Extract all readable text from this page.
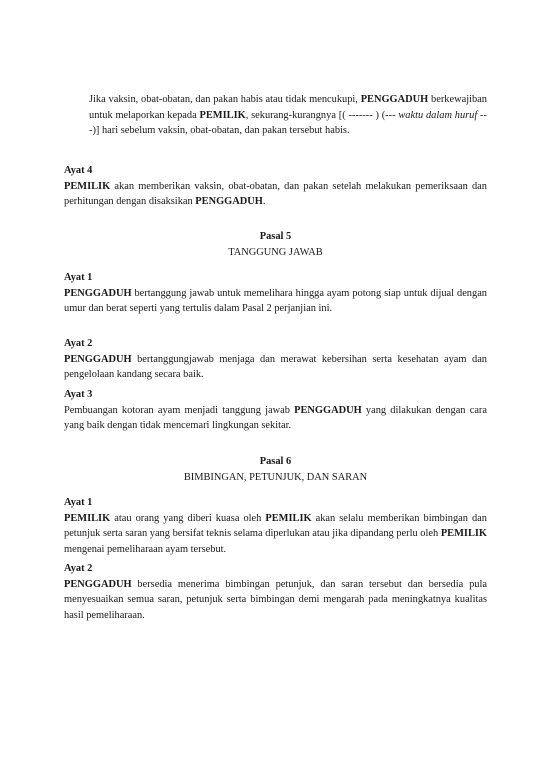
Jika vaksin, obat-obatan, dan pakan habis atau tidak mencukupi, PENGGADUH berkewajiban untuk melaporkan kepada PEMILIK, sekurang-kurangnya [( ------- ) (--- waktu dalam huruf ---)] hari sebelum vaksin, obat-obatan, dan pakan tersebut habis.

Ayat 4

PEMILIK akan memberikan vaksin, obat-obatan, dan pakan setelah melakukan pemeriksaan dan perhitungan dengan disaksikan PENGGADUH.

Pasal 5
TANGGUNG JAWAB

Ayat 1

PENGGADUH bertanggung jawab untuk memelihara hingga ayam potong siap untuk dijual dengan umur dan berat seperti yang tertulis dalam Pasal 2 perjanjian ini.

Ayat 2

PENGGADUH bertanggungjawab menjaga dan merawat kebersihan serta kesehatan ayam dan pengelolaan kandang secara baik.

Ayat 3

Pembuangan kotoran ayam menjadi tanggung jawab PENGGADUH yang dilakukan dengan cara yang baik dengan tidak mencemari lingkungan sekitar.

Pasal 6
BIMBINGAN, PETUNJUK, DAN SARAN

Ayat 1

PEMILIK atau orang yang diberi kuasa oleh PEMILIK akan selalu memberikan bimbingan dan petunjuk serta saran yang bersifat teknis selama diperlukan atau jika dipandang perlu oleh PEMILIK mengenai pemeliharaan ayam tersebut.

Ayat 2

PENGGADUH bersedia menerima bimbingan petunjuk, dan saran tersebut dan bersedia pula menyesuaikan semua saran, petunjuk serta bimbingan demi mengarah pada meningkatnya kualitas hasil pemeliharaan.
